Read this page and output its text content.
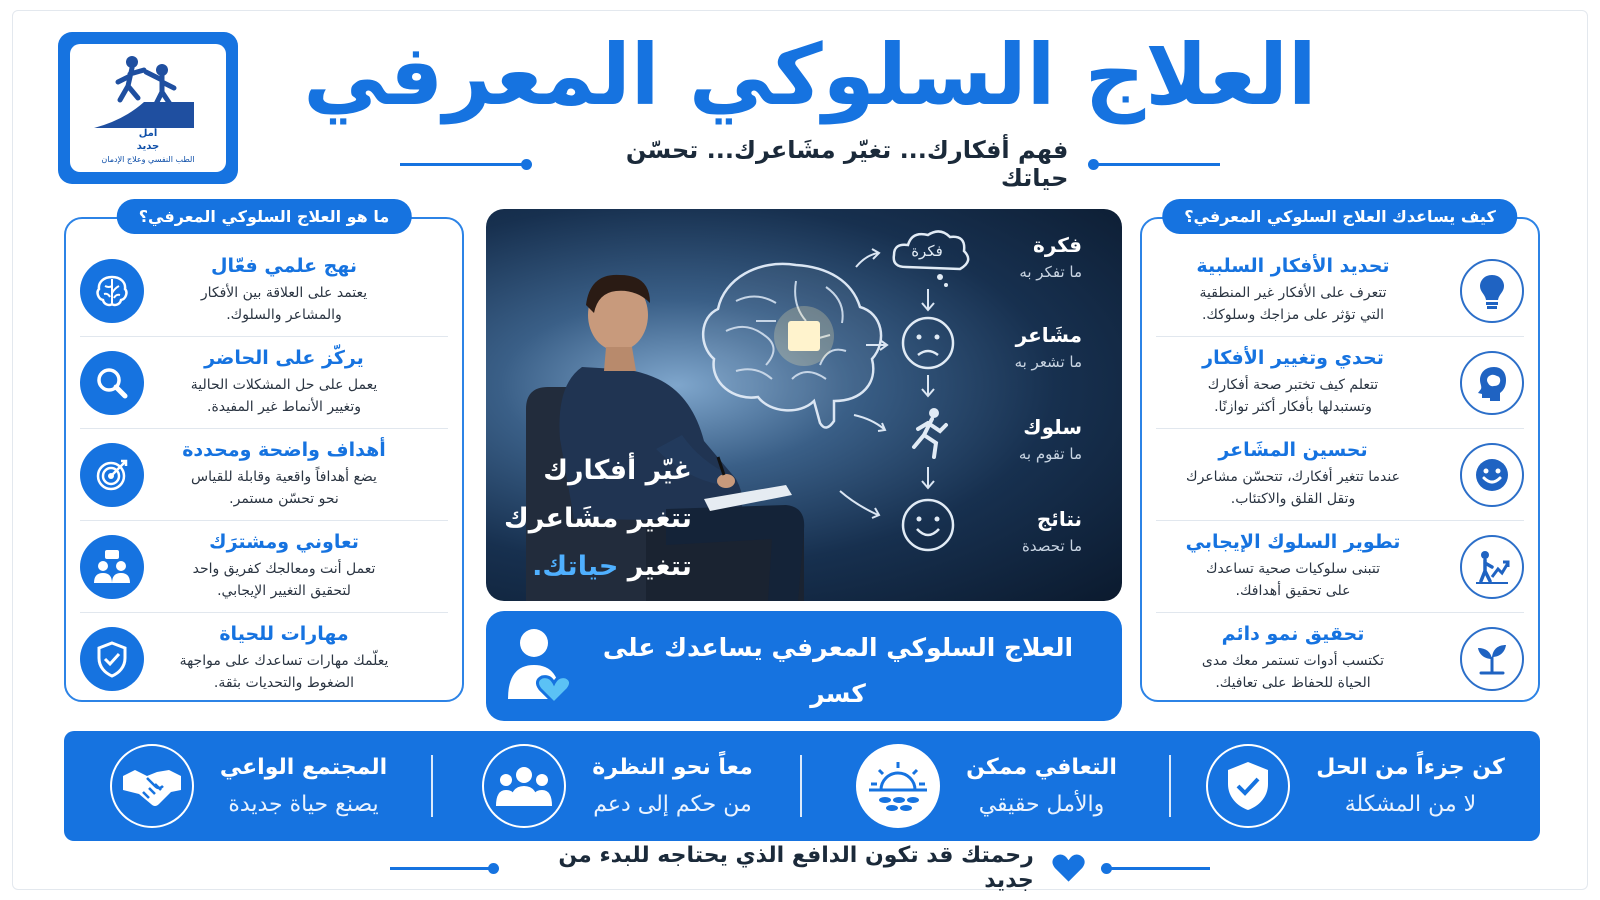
أمل
جديد
الطب النفسي وعلاج الإدمان
العلاج السلوكي المعرفي
فهم أفكارك... تغيّر مشَاعرك... تحسّن حياتك
ما هو العلاج السلوكي المعرفي؟
نهج علمي فعّال
يعتمد على العلاقة بين الأفكار
والمشاعر والسلوك.
يركّز على الحاضر
يعمل على حل المشكلات الحالية
وتغيير الأنماط غير المفيدة.
أهداف واضحة ومحددة
يضع أهدافاً واقعية وقابلة للقياس
نحو تحسّن مستمر.
تعاوني ومشترَك
تعمل أنت ومعالجك كفريق واحد
لتحقيق التغيير الإيجابي.
مهارات للحياة
يعلّمك مهارات تساعدك على مواجهة
الضغوط والتحديات بثقة.
كيف يساعدك العلاج السلوكي المعرفي؟
تحديد الأفكار السلبية
تتعرف على الأفكار غير المنطقية
التي تؤثر على مزاجك وسلوكك.
تحدي وتغيير الأفكار
تتعلم كيف تختبر صحة أفكارك
وتستبدلها بأفكار أكثر توازنًا.
تحسين المشَاعر
عندما تتغير أفكارك، تتحسّن مشاعرك
وتقل القلق والاكتئاب.
تطوير السلوك الإيجابي
تتبنى سلوكيات صحية تساعدك
على تحقيق أهدافك.
تحقيق نمو دائم
تكتسب أدوات تستمر معك مدى
الحياة للحفاظ على تعافيك.
فكرة	فكرة
ما تفكر به
مشَاعر
ما تشعر به
سلوك
ما تقوم به
نتائج
ما تحصدة
غيّر أفكارك
تتغير مشَاعرك
تتغير حياتك.
العلاج السلوكي المعرفي يساعدك على كسر
كن جزءاً من الحل
لا من المشكلة
التعافي ممكن
والأمل حقيقي
معاً نحو النظرة
من حكم إلى دعم
المجتمع الواعي
يصنع حياة جديدة
رحمتك قد تكون الدافع الذي يحتاجه للبدء من جديد
